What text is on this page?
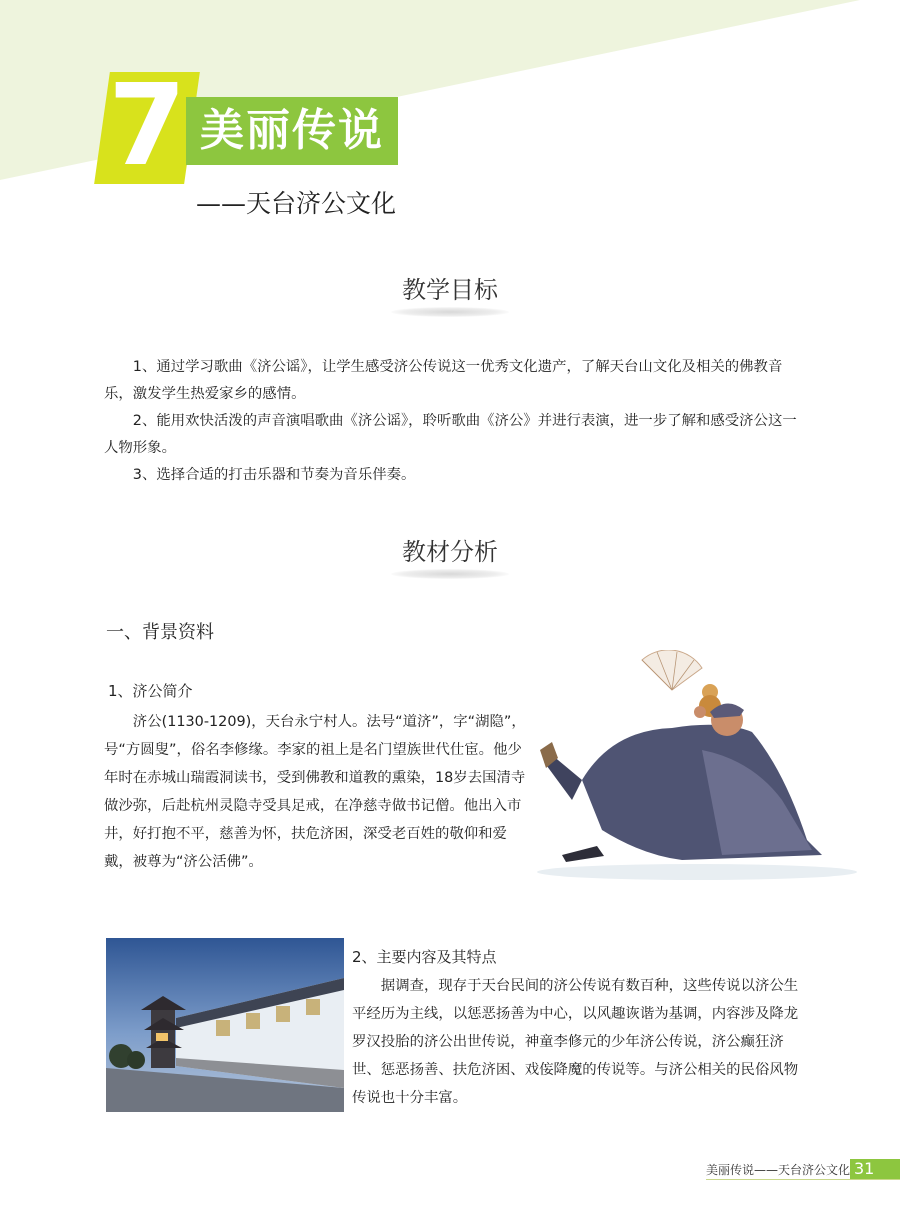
7 美丽传说
——天台济公文化
教学目标

1、通过学习歌曲《济公谣》，让学生感受济公传说这一优秀文化遗产，了解天台山文化及相关的佛教音乐，激发学生热爱家乡的感情。

2、能用欢快活泼的声音演唱歌曲《济公谣》，聆听歌曲《济公》并进行表演，进一步了解和感受济公这一人物形象。

3、选择合适的打击乐器和节奏为音乐伴奏。

教材分析
一、背景资料
1、济公简介

济公(1130-1209)，天台永宁村人。法号“道济”，字“湖隐”，号“方圆叟”，俗名李修缘。李家的祖上是名门望族世代仕宦。他少年时在赤城山瑞霞洞读书，受到佛教和道教的熏染，18岁去国清寺做沙弥，后赴杭州灵隐寺受具足戒，在净慈寺做书记僧。他出入市井，好打抱不平，慈善为怀，扶危济困，深受老百姓的敬仰和爱戴，被尊为“济公活佛”。

2、主要内容及其特点

据调查，现存于天台民间的济公传说有数百种，这些传说以济公生平经历为主线，以惩恶扬善为中心，以风趣诙谐为基调，内容涉及降龙罗汉投胎的济公出世传说，神童李修元的少年济公传说，济公癫狂济世、惩恶扬善、扶危济困、戏侫降魔的传说等。与济公相关的民俗风物传说也十分丰富。

美丽传说——天台济公文化 31
